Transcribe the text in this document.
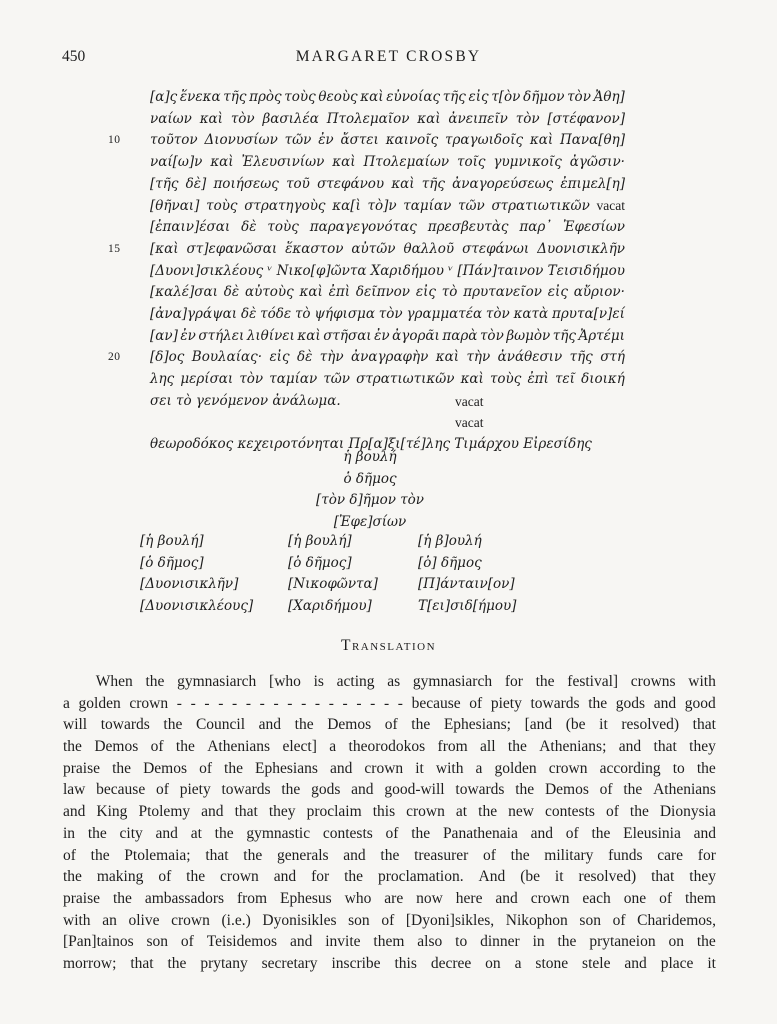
450	MARGARET CROSBY
[α]ς ἕνεκα τῆς πρὸς τοὺς θεοὺς καὶ εὐνοίας τῆς εἰς τ[ὸν δῆμον τὸν Ἀθη]
ναίων καὶ τὸν βασιλέα Πτολεμαῖον καὶ ἀνειπεῖν τὸν [στέφανον]
10 τοῦτον Διονυσίων τῶν ἐν ἄστει καινοῖς τραγωιδοῖς καὶ Πανα[θη]
ναί[ω]ν καὶ Ἐλευσινίων καὶ Πτολεμαίων τοῖς γυμνικοῖς ἀγῶσιν·
[τῆς δὲ] ποιήσεως τοῦ στεφάνου καὶ τῆς ἀναγορεύσεως ἐπιμελ[η]
[θῆναι] τοὺς στρατηγοὺς κα[ὶ τὸ]ν ταμίαν τῶν στρατιωτικῶν vacat
[ἐπαιν]έσαι δὲ τοὺς παραγεγονότας πρεσβευτὰς παρ᾽ Ἐφεσίων
15 [καὶ στ]εφανῶσαι ἕκαστον αὐτῶν θαλλοῦ στεφάνωι Δυονισικλῆν
[Δυονι]σικλέους ᵛ Νικο[φ]ῶντα Χαριδήμου ᵛ [Πάν]ταινον Τεισιδήμου
[καλέ]σαι δὲ αὐτοὺς καὶ ἐπὶ δεῖπνον εἰς τὸ πρυτανεῖον εἰς αὔριον·
[ἀνα]γράψαι δὲ τόδε τὸ ψήφισμα τὸν γραμματέα τὸν κατὰ πρυτα[ν]εί
[αν] ἐν στήλει λιθίνει καὶ στῆσαι ἐν ἀγορᾶι παρὰ τὸν βωμὸν τῆς Ἀρτέμι
20 [δ]ος Βουλαίας· εἰς δὲ τὴν ἀναγραφὴν καὶ τὴν ἀνάθεσιν τῆς στή
λης μερίσαι τὸν ταμίαν τῶν στρατιωτικῶν καὶ τοὺς ἐπὶ τεῖ διοική
σει τὸ γενόμενον ἀνάλωμα.	vacat
vacat
θεωροδόκος κεχειροτόνηται Πρ[α]ξι[τέ]λης Τιμάρχου Εἰρεσίδης
ἡ βουλή
ὁ δῆμος
[τὸν δ]ῆμον τὸν
[Ἐφε]σίων
[ἡ βουλή]
[ὁ δῆμος]
[Δυονισικλῆν]
[Δυονισικλέους]
[ἡ βουλή]
[ὁ δῆμος]
[Νικοφῶντα]
[Χαριδήμου]
[ἡ β]ουλή
[ὁ] δῆμος
[Π]άνταιν[ον]
Τ[ει]σιδ[ήμου]
Translation
When the gymnasiarch [who is acting as gymnasiarch for the festival] crowns with
a golden crown - - - - - - - - - - - - - - - - - because of piety towards the gods and good
will towards the Council and the Demos of the Ephesians; [and (be it resolved) that
the Demos of the Athenians elect] a theorodokos from all the Athenians; and that they
praise the Demos of the Ephesians and crown it with a golden crown according to the
law because of piety towards the gods and good-will towards the Demos of the Athenians
and King Ptolemy and that they proclaim this crown at the new contests of the Dionysia
in the city and at the gymnastic contests of the Panathenaia and of the Eleusinia and
of the Ptolemaia; that the generals and the treasurer of the military funds care for
the making of the crown and for the proclamation. And (be it resolved) that they
praise the ambassadors from Ephesus who are now here and crown each one of them
with an olive crown (i.e.) Dyonisikles son of [Dyoni]sikles, Nikophon son of Charidemos,
[Pan]tainos son of Teisidemos and invite them also to dinner in the prytaneion on the
morrow; that the prytany secretary inscribe this decree on a stone stele and place it
